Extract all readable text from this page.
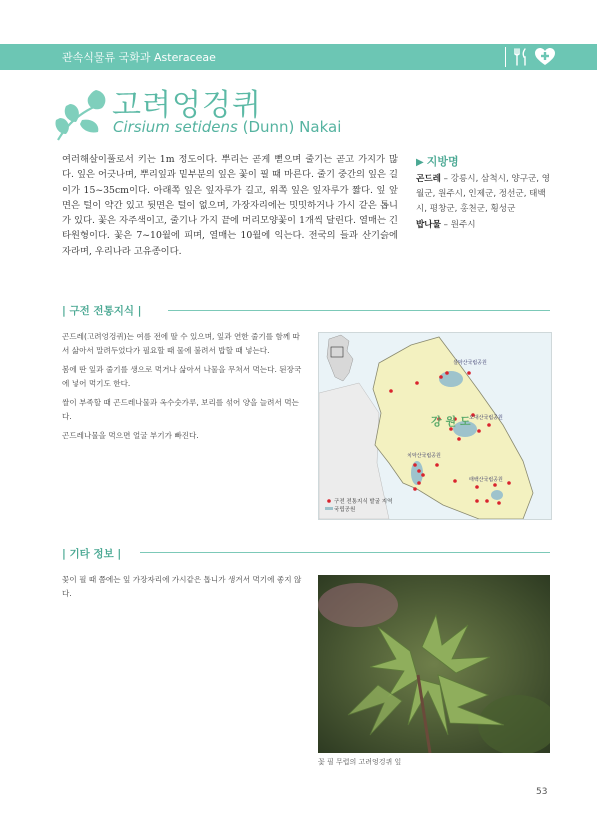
관속식물류 국화과 Asteraceae
고려엉겅퀴
Cirsium setidens (Dunn) Nakai
여러해살이풀로서 키는 1m 정도이다. 뿌리는 곧게 뻗으며 줄기는 곧고 가지가 많다. 잎은 어긋나며, 뿌리잎과 밑부분의 잎은 꽃이 필 때 마른다. 줄기 중간의 잎은 길이가 15~35cm이다. 아래쪽 잎은 잎자루가 길고, 위쪽 잎은 잎자루가 짧다. 잎 앞면은 털이 약간 있고 뒷면은 털이 없으며, 가장자리에는 밋밋하거나 가시 같은 톱니가 있다. 꽃은 자주색이고, 줄기나 가지 끝에 머리모양꽃이 1개씩 달린다. 열매는 긴 타원형이다. 꽃은 7~10월에 피며, 열매는 10월에 익는다. 전국의 들과 산기슭에 자라며, 우리나라 고유종이다.
▶ 지방명
곤드레 – 강릉시, 삼척시, 양구군, 영월군, 원주시, 인제군, 정선군, 태백시, 평창군, 홍천군, 횡성군
밥나물 – 원주시
| 구전 전통지식 |

곤드레(고려엉겅퀴)는 여름 전에 딸 수 있으며, 잎과 연한 줄기를 함께 따서 삶아서 말려두었다가 필요할 때 물에 불려서 밥할 때 넣는다.

봄에 딴 잎과 줄기를 생으로 먹거나 삶아서 나물을 무쳐서 먹는다. 된장국에 넣어 먹기도 한다.

쌀이 부족할 때 곤드레나물과 옥수숫가루, 보리를 섞어 양을 늘려서 먹는다.

곤드레나물을 먹으면 얼굴 부기가 빠진다.

강 원 도
설악산국립공원
오대산국립공원
치악산국립공원
태백산국립공원
구전 전통지식 발굴 지역
국립공원
| 기타 정보 |
꽃이 필 때 쯤에는 잎 가장자리에 가시같은 톱니가 생겨서 먹기에 좋지 않다.
꽃 필 무렵의 고려엉겅퀴 잎
53
